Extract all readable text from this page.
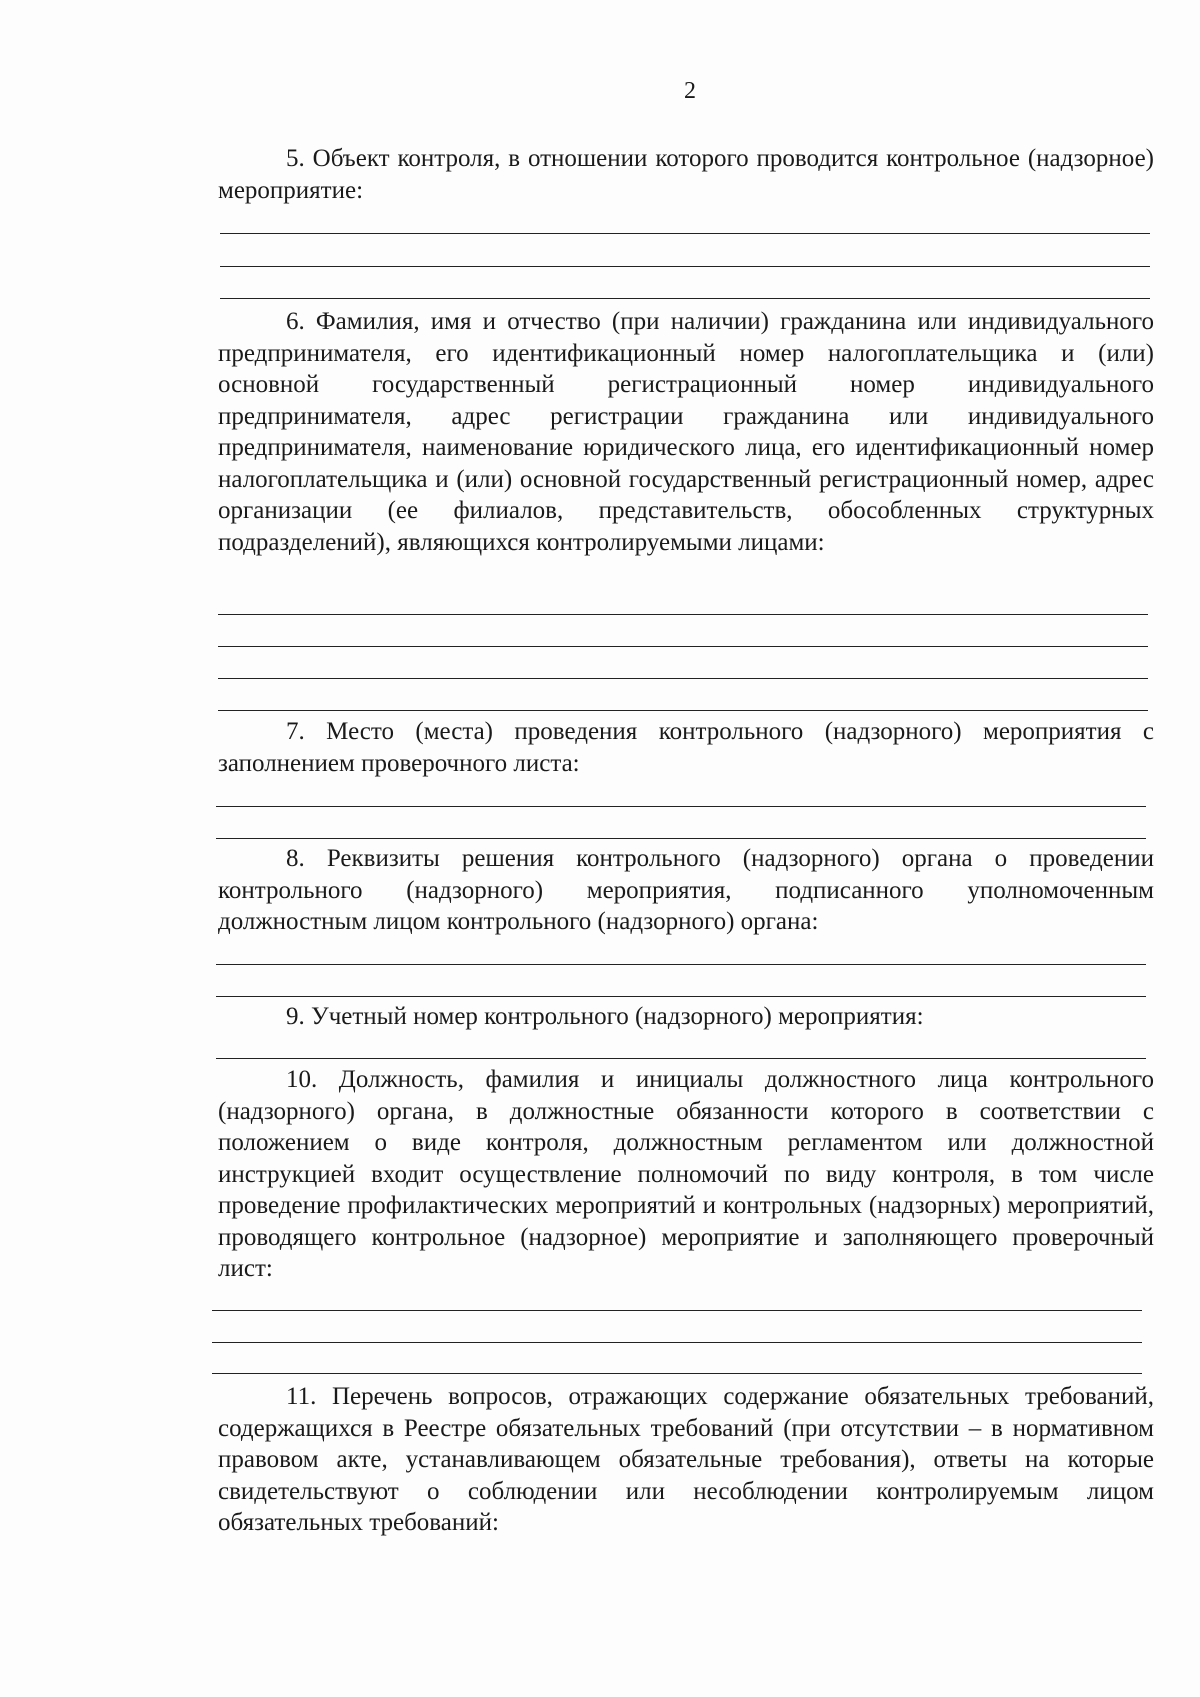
2

5. Объект контроля, в отношении которого проводится контрольное (надзорное) мероприятие:

6. Фамилия, имя и отчество (при наличии) гражданина или индивидуального предпринимателя, его идентификационный номер налогоплательщика и (или) основной государственный регистрационный номер индивидуального предпринимателя, адрес регистрации гражданина или индивидуального предпринимателя, наименование юридического лица, его идентификационный номер налогоплательщика и (или) основной государственный регистрационный номер, адрес организации (ее филиалов, представительств, обособленных структурных подразделений), являющихся контролируемыми лицами:

7. Место (места) проведения контрольного (надзорного) мероприятия с заполнением проверочного листа:

8. Реквизиты решения контрольного (надзорного) органа о проведении контрольного (надзорного) мероприятия, подписанного уполномоченным должностным лицом контрольного (надзорного) органа:

9. Учетный номер контрольного (надзорного) мероприятия:

10. Должность, фамилия и инициалы должностного лица контрольного (надзорного) органа, в должностные обязанности которого в соответствии с положением о виде контроля, должностным регламентом или должностной инструкцией входит осуществление полномочий по виду контроля, в том числе проведение профилактических мероприятий и контрольных (надзорных) мероприятий, проводящего контрольное (надзорное) мероприятие и заполняющего проверочный лист:

11. Перечень вопросов, отражающих содержание обязательных требований, содержащихся в Реестре обязательных требований (при отсутствии – в нормативном правовом акте, устанавливающем обязательные требования), ответы на которые свидетельствуют о соблюдении или несоблюдении контролируемым лицом обязательных требований:
